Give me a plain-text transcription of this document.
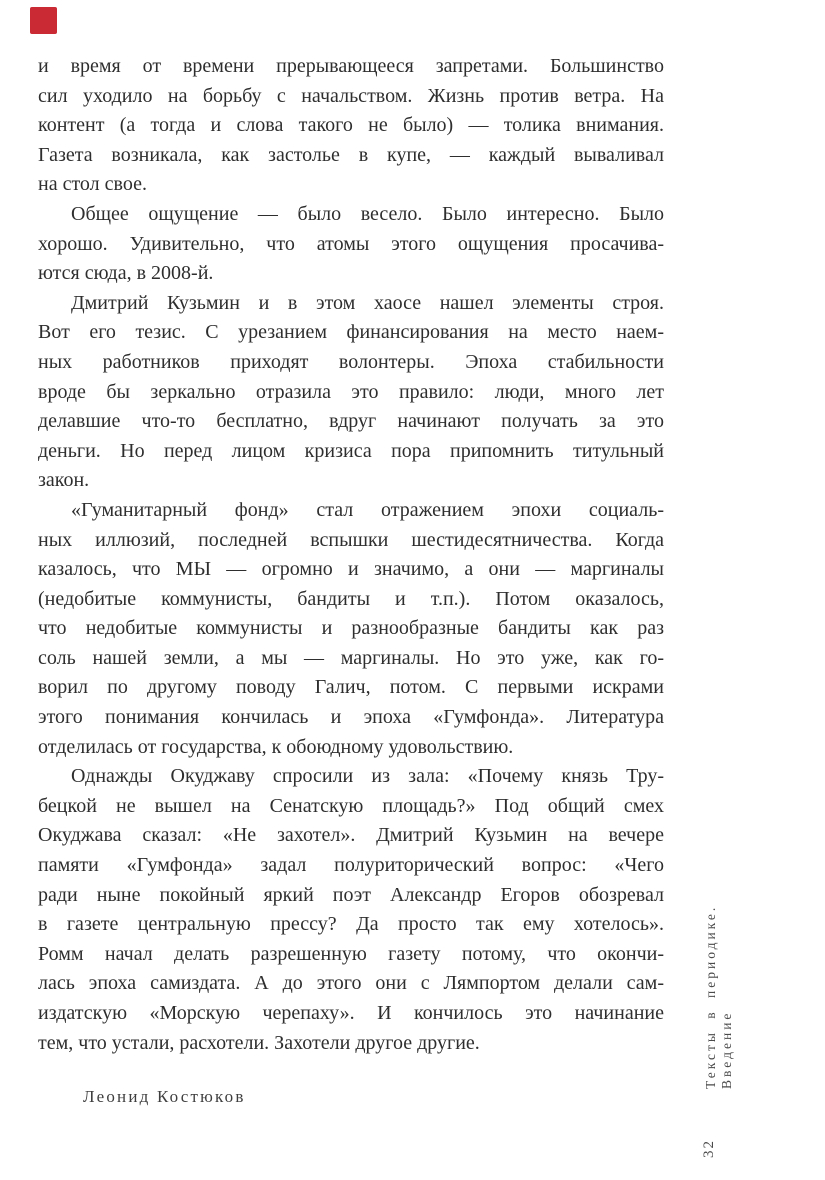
и время от времени прерывающееся запретами. Большинство
сил уходило на борьбу с начальством. Жизнь против ветра. На
контент (а тогда и слова такого не было) — толика внимания.
Газета возникала, как застолье в купе, — каждый вываливал
на стол свое.
Общее ощущение — было весело. Было интересно. Было
хорошо. Удивительно, что атомы этого ощущения просачива-
ются сюда, в 2008-й.
Дмитрий Кузьмин и в этом хаосе нашел элементы строя.
Вот его тезис. С урезанием финансирования на место наем-
ных работников приходят волонтеры. Эпоха стабильности
вроде бы зеркально отразила это правило: люди, много лет
делавшие что-то бесплатно, вдруг начинают получать за это
деньги. Но перед лицом кризиса пора припомнить титульный
закон.
«Гуманитарный фонд» стал отражением эпохи социаль-
ных иллюзий, последней вспышки шестидесятничества. Когда
казалось, что МЫ — огромно и значимо, а они — маргиналы
(недобитые коммунисты, бандиты и т.п.). Потом оказалось,
что недобитые коммунисты и разнообразные бандиты как раз
соль нашей земли, а мы — маргиналы. Но это уже, как го-
ворил по другому поводу Галич, потом. С первыми искрами
этого понимания кончилась и эпоха «Гумфонда». Литература
отделилась от государства, к обоюдному удовольствию.
Однажды Окуджаву спросили из зала: «Почему князь Тру-
бецкой не вышел на Сенатскую площадь?» Под общий смех
Окуджава сказал: «Не захотел». Дмитрий Кузьмин на вечере
памяти «Гумфонда» задал полуриторический вопрос: «Чего
ради ныне покойный яркий поэт Александр Егоров обозревал
в газете центральную прессу? Да просто так ему хотелось».
Ромм начал делать разрешенную газету потому, что окончи-
лась эпоха самиздата. А до этого они с Лямпортом делали сам-
издатскую «Морскую черепаху». И кончилось это начинание
тем, что устали, расхотели. Захотели другое другие.
Леонид Костюков
Тексты в периодике. Введение
32
